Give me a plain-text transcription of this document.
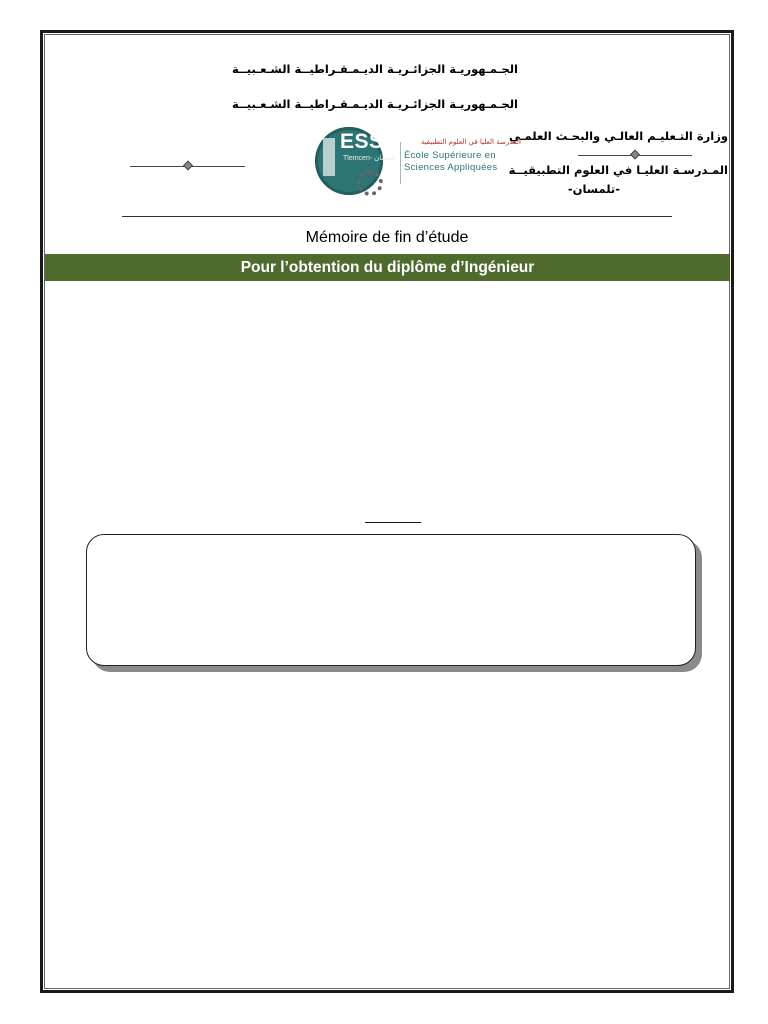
الجـمـهوريـة الجزائـريـة الديـمـقـراطيــة الشـعـبيــة
الجـمـهوريـة الجزائـريـة الديـمـقـراطيــة الشـعـبيــة
وزارة التـعليـم العالـي والبحـث العلمـي
المـدرسـة العليـا في العلوم التطبيقيــة
-تلمسان-
ESSA
Tlemcen- تلمسان
المدرسة العليا في العلوم التطبيقية
École Supérieure en
Sciences Appliquées
Mémoire de fin d’étude
Pour l’obtention du diplôme d’Ingénieur
